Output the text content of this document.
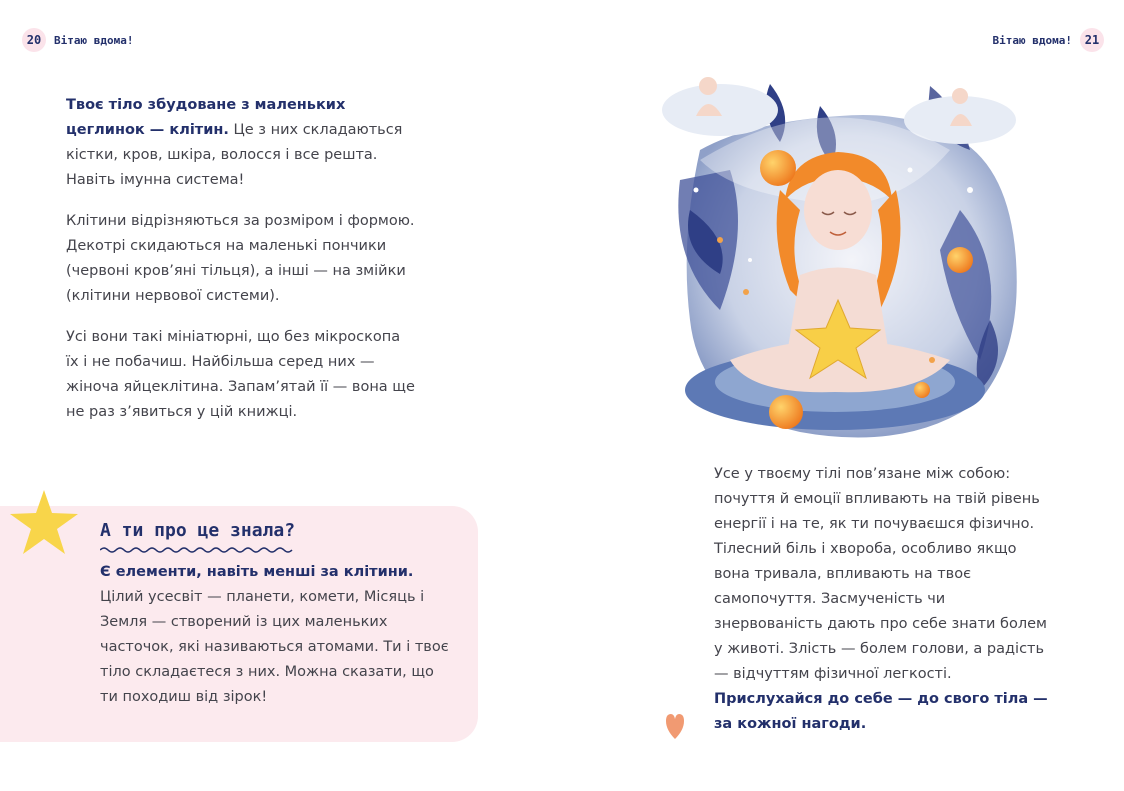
20	Вітаю вдома!

Твоє тіло збудоване з маленьких цеглинок — клітин. Це з них складаються кістки, кров, шкіра, волосся і все решта. Навіть імунна система!

Клітини відрізняються за розміром і формою. Декотрі скидаються на маленькі пончики (червоні кров’яні тільця), а інші — на змійки (клітини нервової системи).

Усі вони такі мініатюрні, що без мікроскопа їх і не побачиш. Найбільша серед них — жіноча яйцеклітина. Запам’ятай її — вона ще не раз з’явиться у цій книжці.

А ти про це знала?
Є елементи, навіть менші за клітини.
Цілий усесвіт — планети, комети, Місяць і Земля — створений із цих маленьких часточок, які називаються атомами. Ти і твоє тіло складаєтеся з них. Можна сказати, що ти походиш від зірок!
Вітаю вдома!	21

Усе у твоєму тілі пов’язане між собою: почуття й емоції впливають на твій рівень енергії і на те, як ти почуваєшся фізично. Тілесний біль і хвороба, особливо якщо вона тривала, впливають на твоє самопочуття. Засмученість чи знервованість дають про себе знати болем у животі. Злість — болем голови, а радість — відчуттям фізичної легкості. Прислухайся до себе — до свого тіла — за кожної нагоди.
